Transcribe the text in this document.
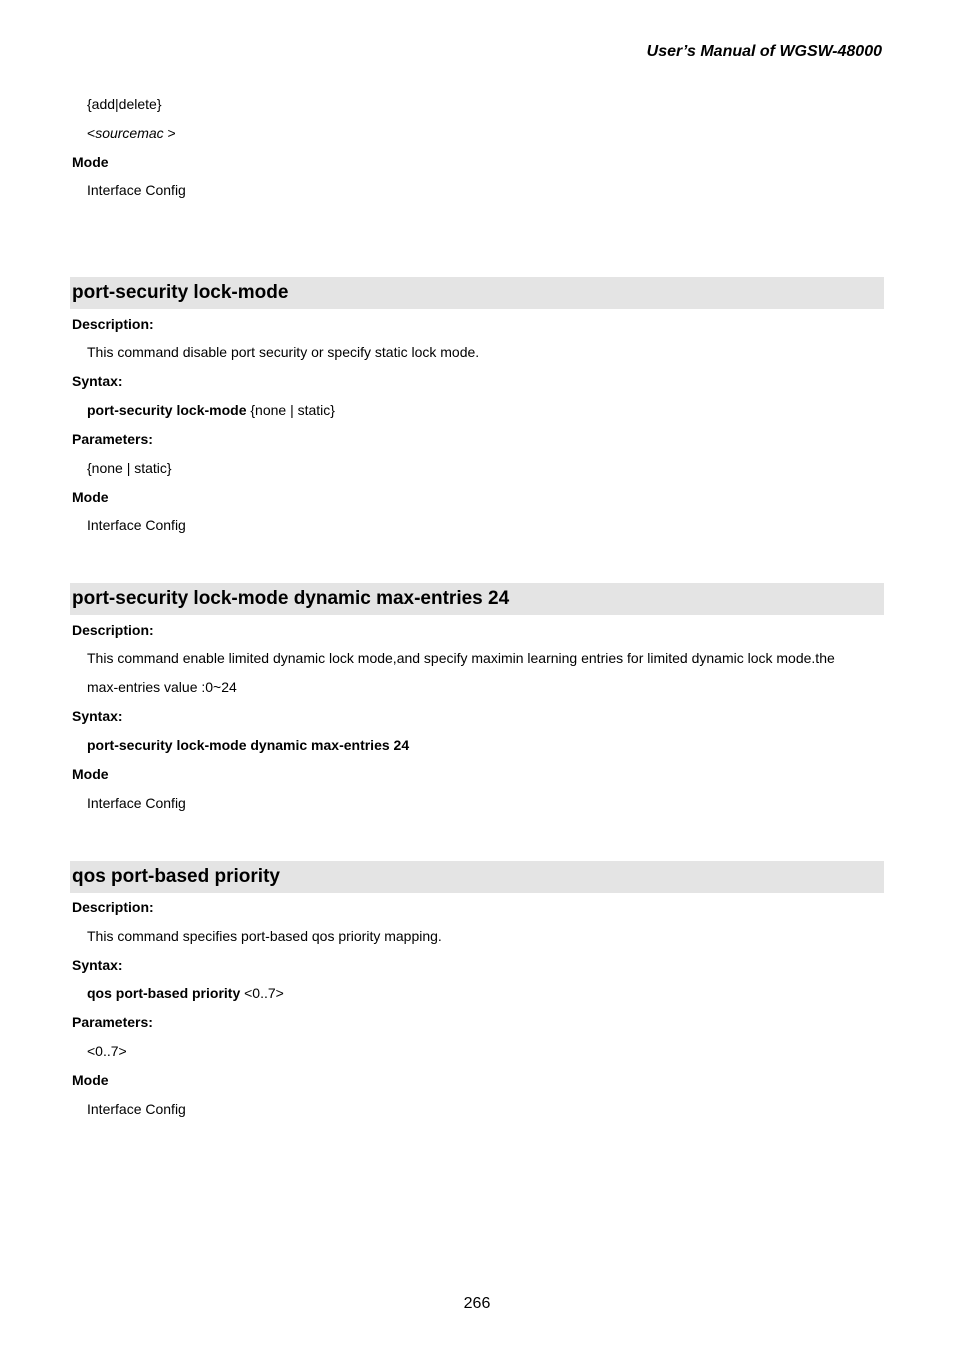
User’s Manual of WGSW-48000
{add|delete}
<sourcemac >
Mode
Interface Config
port-security lock-mode
Description:
This command disable port security or specify static lock mode.
Syntax:
port-security lock-mode {none | static}
Parameters:
{none | static}
Mode
Interface Config
port-security lock-mode dynamic max-entries 24
Description:
This command enable limited dynamic lock mode,and specify maximin learning entries for limited dynamic lock mode.the
max-entries value :0~24
Syntax:
port-security lock-mode dynamic max-entries 24
Mode
Interface Config
qos port-based priority
Description:
This command specifies port-based qos priority mapping.
Syntax:
qos port-based priority <0..7>
Parameters:
<0..7>
Mode
Interface Config
266
